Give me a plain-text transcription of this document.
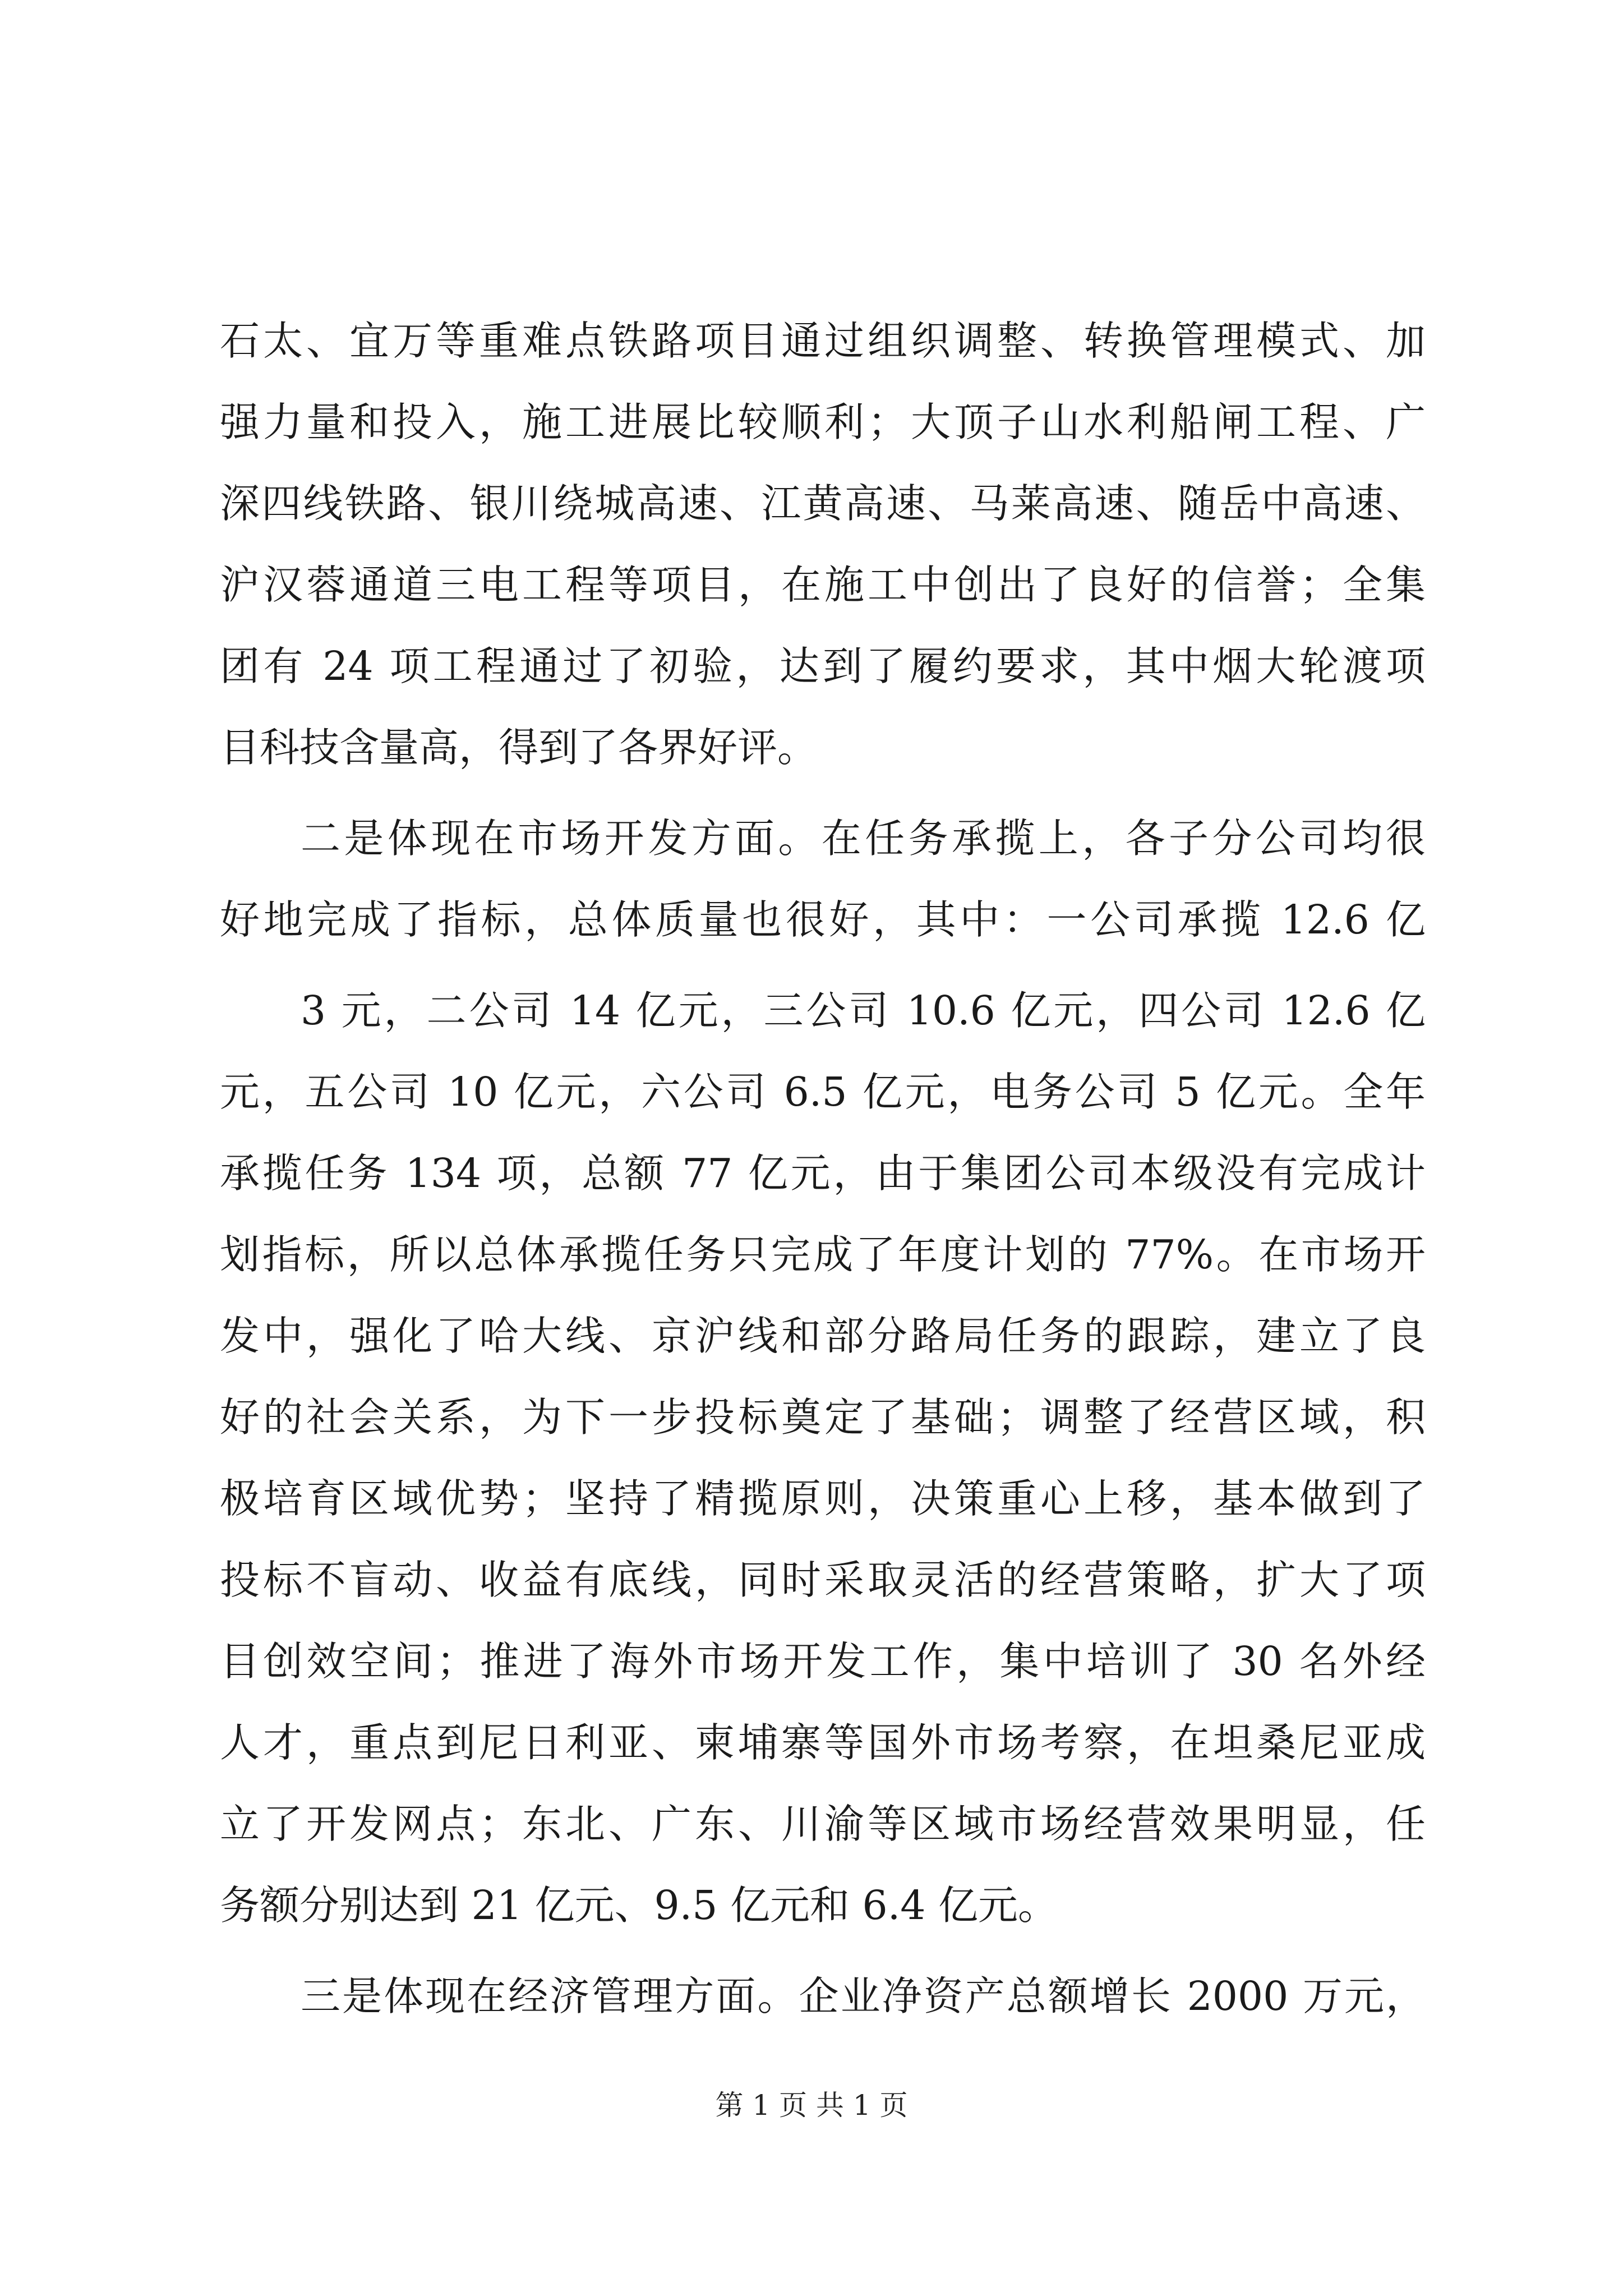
石太、宜万等重难点铁路项目通过组织调整、转换管理模式、加
强力量和投入，施工进展比较顺利；大顶子山水利船闸工程、广
深四线铁路、银川绕城高速、江黄高速、马莱高速、随岳中高速、
沪汉蓉通道三电工程等项目，在施工中创出了良好的信誉；全集
团有 24 项工程通过了初验，达到了履约要求，其中烟大轮渡项
目科技含量高，得到了各界好评。
二是体现在市场开发方面。在任务承揽上，各子分公司均很
好地完成了指标，总体质量也很好，其中：一公司承揽 12.6 亿
3 元，二公司 14 亿元，三公司 10.6 亿元，四公司 12.6 亿
元，五公司 10 亿元，六公司 6.5 亿元，电务公司 5 亿元。全年
承揽任务 134 项，总额 77 亿元，由于集团公司本级没有完成计
划指标，所以总体承揽任务只完成了年度计划的 77%。在市场开
发中，强化了哈大线、京沪线和部分路局任务的跟踪，建立了良
好的社会关系，为下一步投标奠定了基础；调整了经营区域，积
极培育区域优势；坚持了精揽原则，决策重心上移，基本做到了
投标不盲动、收益有底线，同时采取灵活的经营策略，扩大了项
目创效空间；推进了海外市场开发工作，集中培训了 30 名外经
人才，重点到尼日利亚、柬埔寨等国外市场考察，在坦桑尼亚成
立了开发网点；东北、广东、川渝等区域市场经营效果明显，任
务额分别达到 21 亿元、9.5 亿元和 6.4 亿元。
三是体现在经济管理方面。企业净资产总额增长 2000 万元，
第 1 页 共 1 页
